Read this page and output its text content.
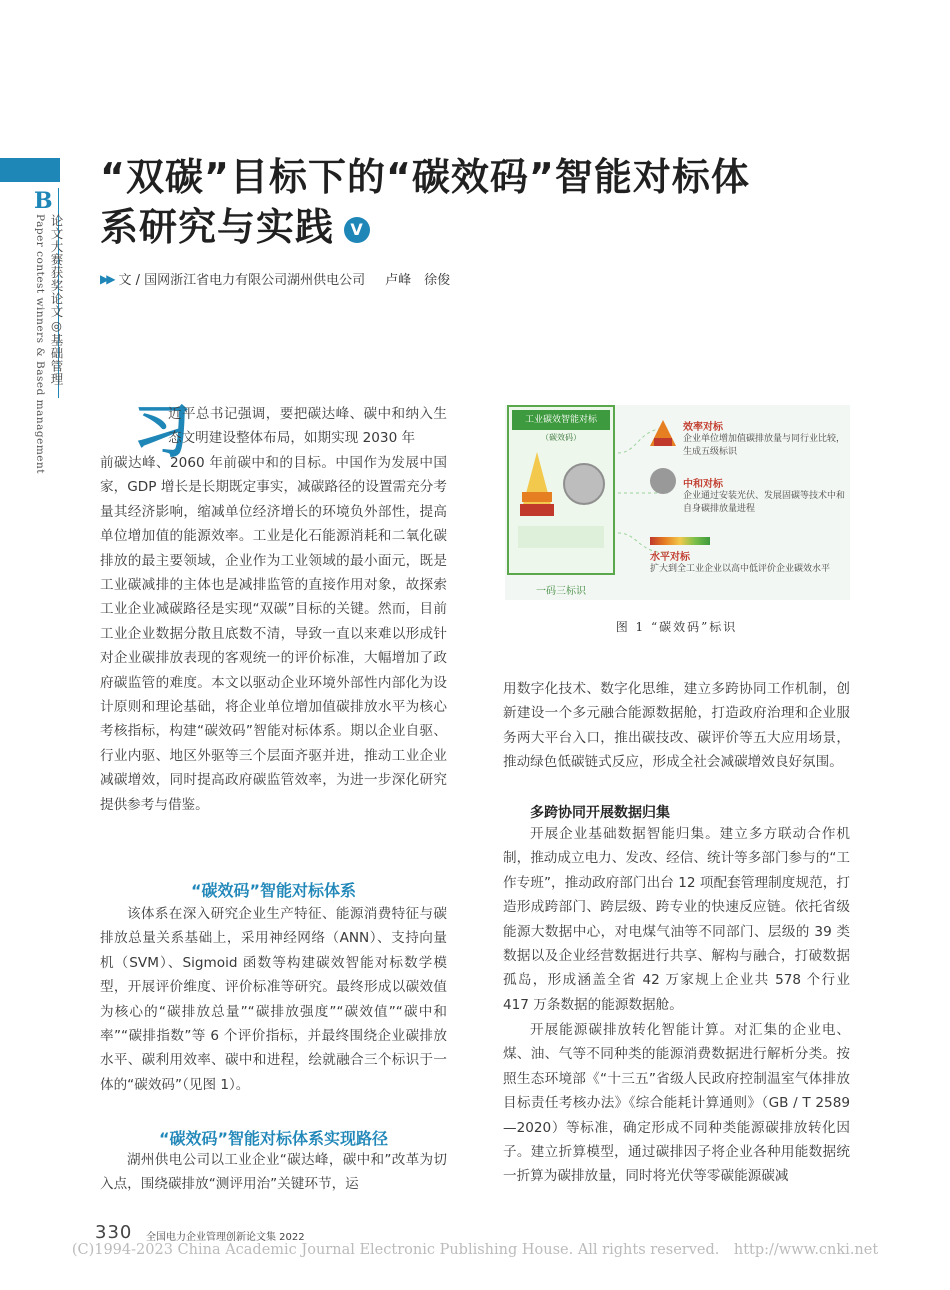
B
论文大赛获奖论文◎基础管理
Paper contest winners & Based management
“双碳”目标下的“碳效码”智能对标体
系研究与实践 V
▶▶ 文 / 国网浙江省电力有限公司湖州供电公司 卢峰　徐俊
习
近平总书记强调，要把碳达峰、碳中和纳入生态文明建设整体布局，如期实现 2030 年
前碳达峰、2060 年前碳中和的目标。中国作为发展中国家，GDP 增长是长期既定事实，减碳路径的设置需充分考量其经济影响，缩减单位经济增长的环境负外部性，提高单位增加值的能源效率。工业是化石能源消耗和二氧化碳排放的最主要领域，企业作为工业领域的最小面元，既是工业碳减排的主体也是减排监管的直接作用对象，故探索工业企业减碳路径是实现“双碳”目标的关键。然而，目前工业企业数据分散且底数不清，导致一直以来难以形成针对企业碳排放表现的客观统一的评价标准，大幅增加了政府碳监管的难度。本文以驱动企业环境外部性内部化为设计原则和理论基础，将企业单位增加值碳排放水平为核心考核指标，构建“碳效码”智能对标体系。期以企业自驱、行业内驱、地区外驱等三个层面齐驱并进，推动工业企业减碳增效，同时提高政府碳监管效率，为进一步深化研究提供参考与借鉴。
“碳效码”智能对标体系
该体系在深入研究企业生产特征、能源消费特征与碳排放总量关系基础上，采用神经网络（ANN）、支持向量机（SVM）、Sigmoid 函数等构建碳效智能对标数学模型，开展评价维度、评价标准等研究。最终形成以碳效值为核心的“碳排放总量”“碳排放强度”“碳效值”“碳中和率”“碳排指数”等 6 个评价指标，并最终围绕企业碳排放水平、碳利用效率、碳中和进程，绘就融合三个标识于一体的“碳效码”（见图 1）。
“碳效码”智能对标体系实现路径
湖州供电公司以工业企业“碳达峰，碳中和”改革为切入点，围绕碳排放“测评用治”关键环节，运
工业碳效智能对标
（碳效码）
一码三标识
效率对标
企业单位增加值碳排放量与同行业比较，生成五级标识
中和对标
企业通过安装光伏、发展固碳等技术中和自身碳排放量进程
水平对标
扩大到全工业企业以高中低评价企业碳效水平
图 1 “碳效码”标识
用数字化技术、数字化思维，建立多跨协同工作机制，创新建设一个多元融合能源数据舱，打造政府治理和企业服务两大平台入口，推出碳技改、碳评价等五大应用场景，推动绿色低碳链式反应，形成全社会减碳增效良好氛围。
多跨协同开展数据归集
开展企业基础数据智能归集。建立多方联动合作机制，推动成立电力、发改、经信、统计等多部门参与的“工作专班”，推动政府部门出台 12 项配套管理制度规范，打造形成跨部门、跨层级、跨专业的快速反应链。依托省级能源大数据中心，对电煤气油等不同部门、层级的 39 类数据以及企业经营数据进行共享、解构与融合，打破数据孤岛，形成涵盖全省 42 万家规上企业共 578 个行业 417 万条数据的能源数据舱。
开展能源碳排放转化智能计算。对汇集的企业电、煤、油、气等不同种类的能源消费数据进行解析分类。按照生态环境部《“十三五”省级人民政府控制温室气体排放目标责任考核办法》《综合能耗计算通则》（GB / T 2589—2020）等标准，确定形成不同种类能源碳排放转化因子。建立折算模型，通过碳排因子将企业各种用能数据统一折算为碳排放量，同时将光伏等零碳能源碳减
330 全国电力企业管理创新论文集 2022
(C)1994-2023 China Academic Journal Electronic Publishing House. All rights reserved.　http://www.cnki.net
